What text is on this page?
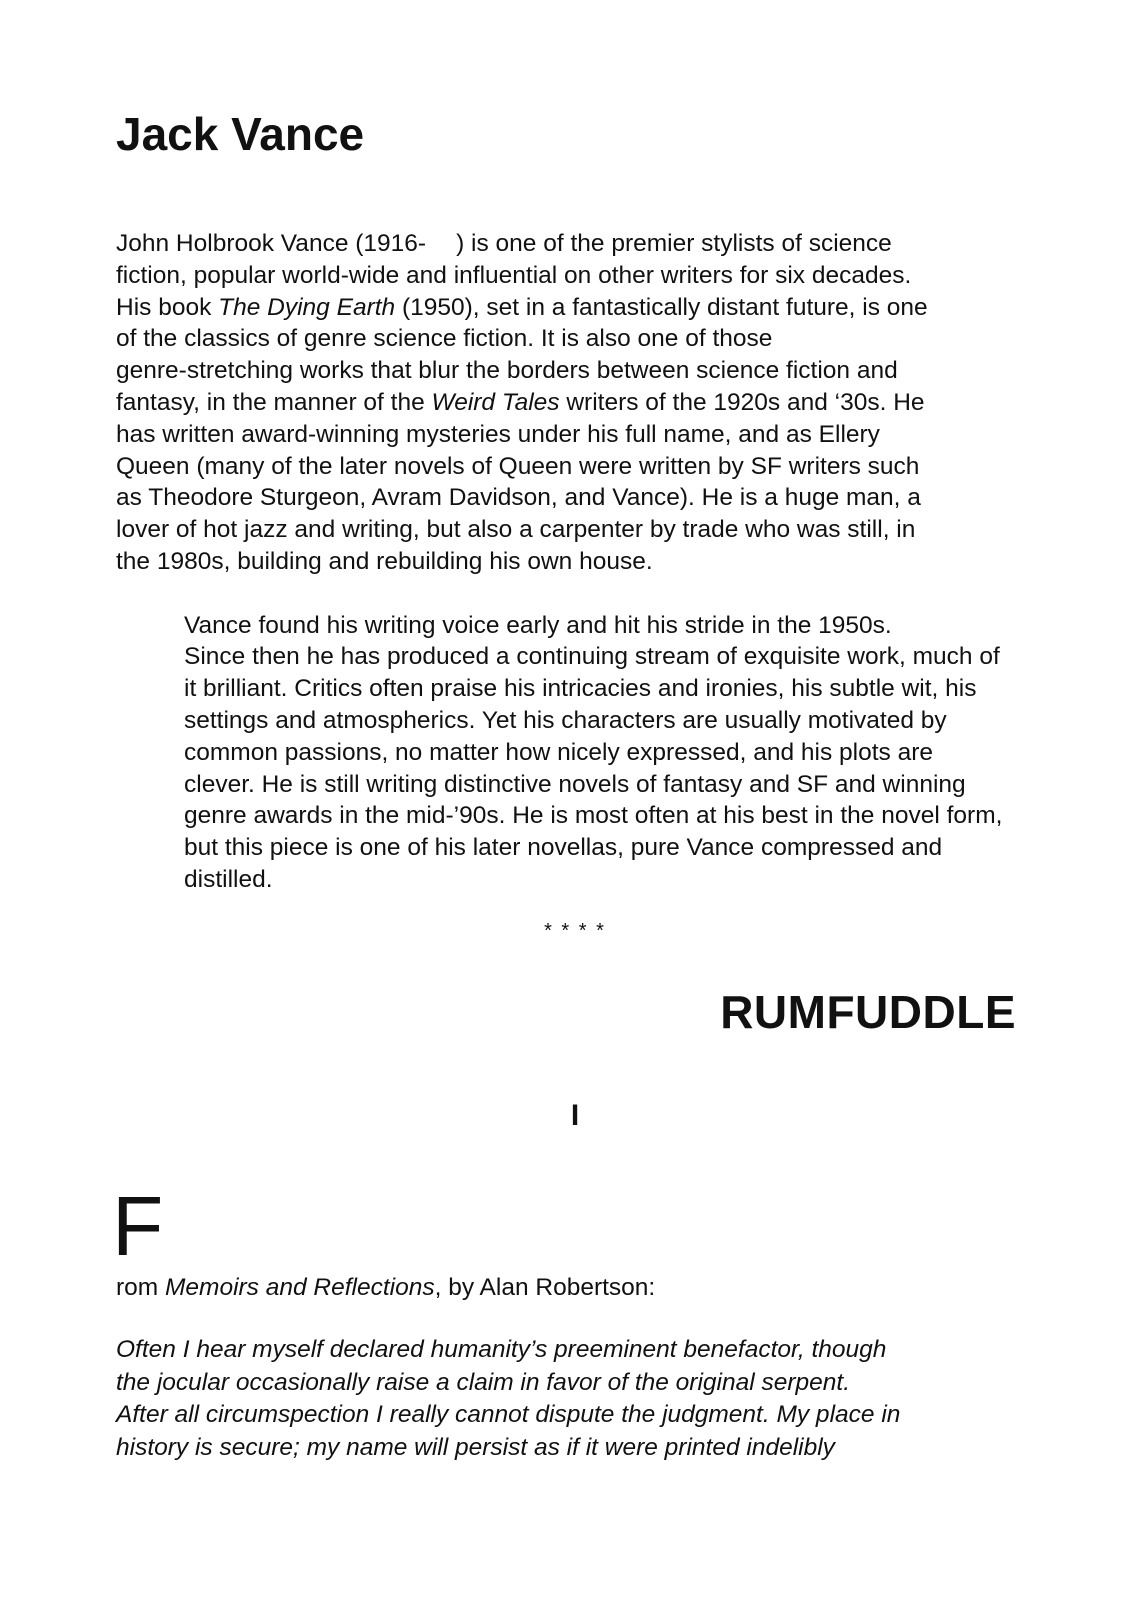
Jack Vance

John Holbrook Vance (1916- ) is one of the premier stylists of science
fiction, popular world-wide and influential on other writers for six decades.
His book The Dying Earth (1950), set in a fantastically distant future, is one
of the classics of genre science fiction. It is also one of those
genre-stretching works that blur the borders between science fiction and
fantasy, in the manner of the Weird Tales writers of the 1920s and ‘30s. He
has written award-winning mysteries under his full name, and as Ellery
Queen (many of the later novels of Queen were written by SF writers such
as Theodore Sturgeon, Avram Davidson, and Vance). He is a huge man, a
lover of hot jazz and writing, but also a carpenter by trade who was still, in
the 1980s, building and rebuilding his own house.

Vance found his writing voice early and hit his stride in the 1950s.
Since then he has produced a continuing stream of exquisite work, much of
it brilliant. Critics often praise his intricacies and ironies, his subtle wit, his
settings and atmospherics. Yet his characters are usually motivated by
common passions, no matter how nicely expressed, and his plots are
clever. He is still writing distinctive novels of fantasy and SF and winning
genre awards in the mid-’90s. He is most often at his best in the novel form,
but this piece is one of his later novellas, pure Vance compressed and
distilled.

* * * *
RUMFUDDLE
I
F
rom Memoirs and Reflections, by Alan Robertson:
Often I hear myself declared humanity’s preeminent benefactor, though
the jocular occasionally raise a claim in favor of the original serpent.
After all circumspection I really cannot dispute the judgment. My place in
history is secure; my name will persist as if it were printed indelibly
